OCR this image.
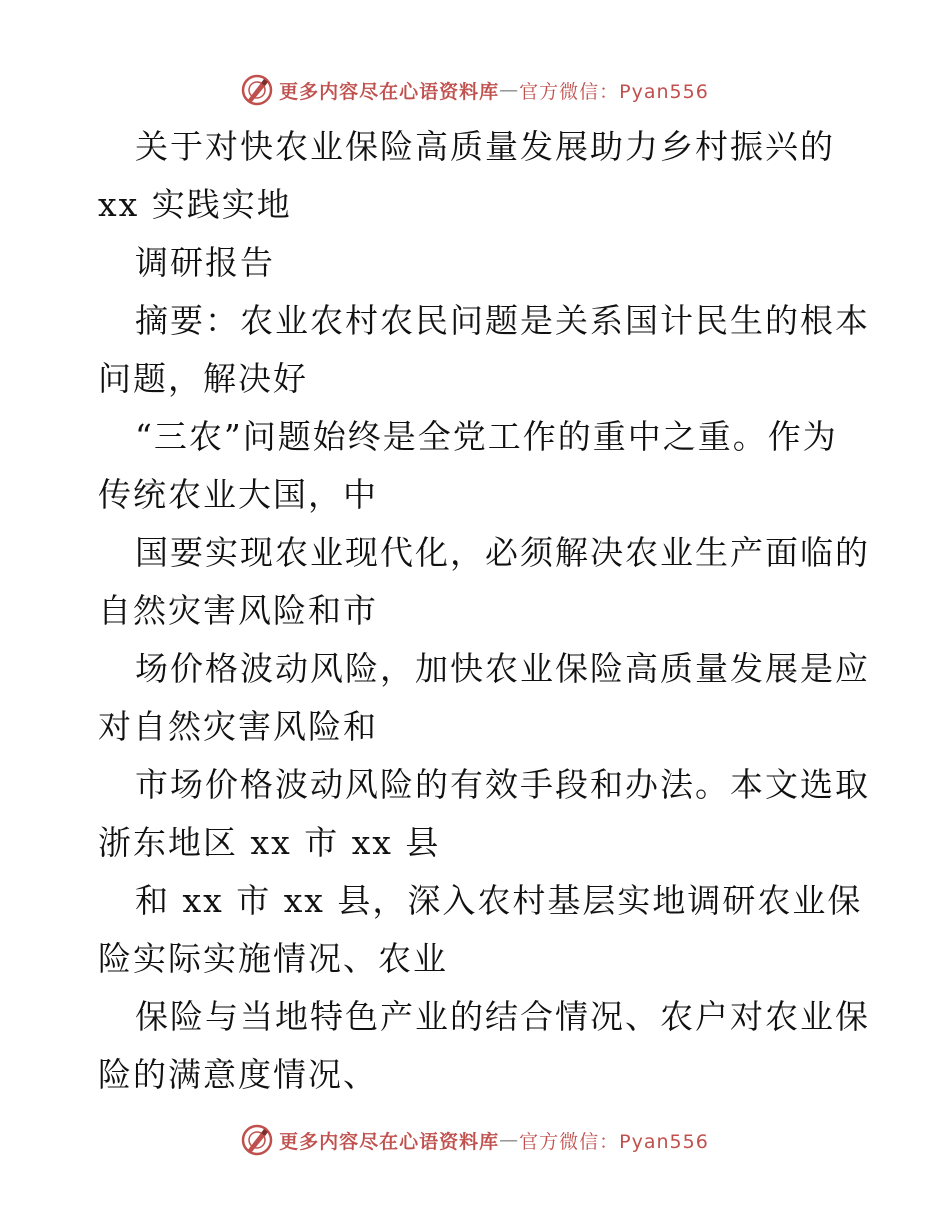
更多内容尽在心语资料库 — 官方微信：Pyan556
关于对快农业保险高质量发展助力乡村振兴的
xx 实践实地
调研报告
摘要：农业农村农民问题是关系国计民生的根本
问题，解决好
“三农”问题始终是全党工作的重中之重。作为
传统农业大国，中
国要实现农业现代化，必须解决农业生产面临的
自然灾害风险和市
场价格波动风险，加快农业保险高质量发展是应
对自然灾害风险和
市场价格波动风险的有效手段和办法。本文选取
浙东地区 xx 市 xx 县
和 xx 市 xx 县，深入农村基层实地调研农业保
险实际实施情况、农业
保险与当地特色产业的结合情况、农户对农业保
险的满意度情况、
更多内容尽在心语资料库 — 官方微信：Pyan556
